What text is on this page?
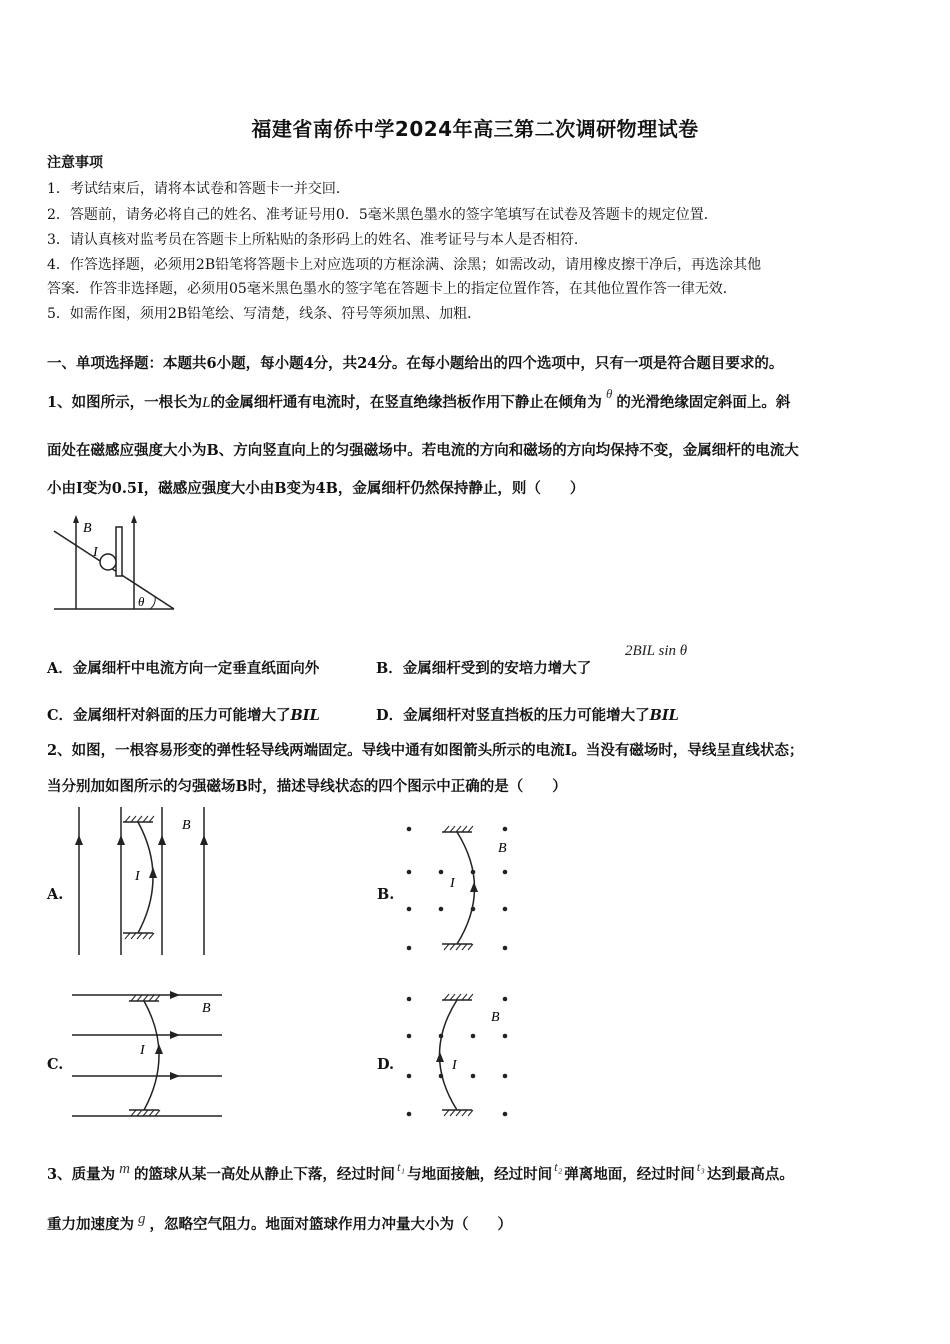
福建省南侨中学2024年高三第二次调研物理试卷
注意事项
1．考试结束后，请将本试卷和答题卡一并交回．
2．答题前，请务必将自己的姓名、准考证号用0．5毫米黑色墨水的签字笔填写在试卷及答题卡的规定位置．
3．请认真核对监考员在答题卡上所粘贴的条形码上的姓名、准考证号与本人是否相符．
4．作答选择题，必须用2B铅笔将答题卡上对应选项的方框涂满、涂黑；如需改动，请用橡皮擦干净后，再选涂其他
答案．作答非选择题，必须用05毫米黑色墨水的签字笔在答题卡上的指定位置作答，在其他位置作答一律无效．
5．如需作图，须用2B铅笔绘、写清楚，线条、符号等须加黑、加粗．
一、单项选择题：本题共6小题，每小题4分，共24分。在每小题给出的四个选项中，只有一项是符合题目要求的。
1、如图所示，一根长为L的金属细杆通有电流时，在竖直绝缘挡板作用下静止在倾角为θ的光滑绝缘固定斜面上。斜
面处在磁感应强度大小为B、方向竖直向上的匀强磁场中。若电流的方向和磁场的方向均保持不变，金属细杆的电流大
小由I变为0.5I，磁感应强度大小由B变为4B，金属细杆仍然保持静止，则（　　）
B
I
θ
A．金属细杆中电流方向一定垂直纸面向外	B．金属细杆受到的安培力增大了
2BIL sin θ
C．金属细杆对斜面的压力可能增大了BIL	D．金属细杆对竖直挡板的压力可能增大了BIL
2、如图，一根容易形变的弹性轻导线两端固定。导线中通有如图箭头所示的电流I。当没有磁场时，导线呈直线状态；
当分别加如图所示的匀强磁场B时，描述导线状态的四个图示中正确的是（　　）
A.	B.
C.	D.
B
I
B
I
B
I
B
I
3、质量为 m 的篮球从某一高处从静止下落，经过时间 t₁ 与地面接触，经过时间 t₂ 弹离地面，经过时间 t₃ 达到最高点。
重力加速度为 g ，忽略空气阻力。地面对篮球作用力冲量大小为（　　）
